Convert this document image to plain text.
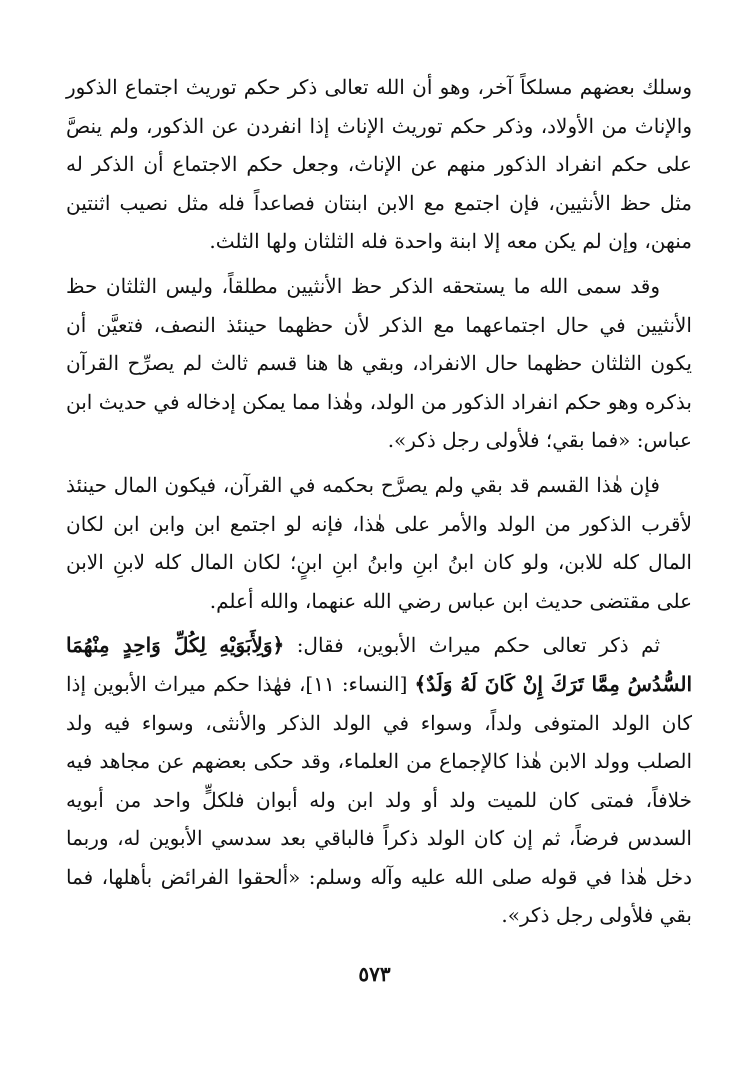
وسلك بعضهم مسلكاً آخر، وهو أن الله تعالى ذكر حكم توريث اجتماع الذكور والإناث من الأولاد، وذكر حكم توريث الإناث إذا انفردن عن الذكور، ولم ينصَّ على حكم انفراد الذكور منهم عن الإناث، وجعل حكم الاجتماع أن الذكر له مثل حظ الأنثيين، فإن اجتمع مع الابن ابنتان فصاعداً فله مثل نصيب اثنتين منهن، وإن لم يكن معه إلا ابنة واحدة فله الثلثان ولها الثلث.

وقد سمى الله ما يستحقه الذكر حظ الأنثيين مطلقاً، وليس الثلثان حظ الأنثيين في حال اجتماعهما مع الذكر لأن حظهما حينئذ النصف، فتعيَّن أن يكون الثلثان حظهما حال الانفراد، وبقي ها هنا قسم ثالث لم يصرِّح القرآن بذكره وهو حكم انفراد الذكور من الولد، وهٰذا مما يمكن إدخاله في حديث ابن عباس: «فما بقي؛ فلأولى رجل ذكر».

فإن هٰذا القسم قد بقي ولم يصرَّح بحكمه في القرآن، فيكون المال حينئذ لأقرب الذكور من الولد والأمر على هٰذا، فإنه لو اجتمع ابن وابن ابن لكان المال كله للابن، ولو كان ابنُ ابنِ وابنُ ابنِ ابنٍ؛ لكان المال كله لابنِ الابن على مقتضى حديث ابن عباس رضي الله عنهما، والله أعلم.

ثم ذكر تعالى حكم ميراث الأبوين، فقال: ﴿وَلِأَبَوَيْهِ لِكُلِّ وَاحِدٍ مِنْهُمَا السُّدُسُ مِمَّا تَرَكَ إِنْ كَانَ لَهُ وَلَدٌ﴾ [النساء: ١١]، فهٰذا حكم ميراث الأبوين إذا كان الولد المتوفى ولداً، وسواء في الولد الذكر والأنثى، وسواء فيه ولد الصلب وولد الابن هٰذا كالإجماع من العلماء، وقد حكى بعضهم عن مجاهد فيه خلافاً، فمتى كان للميت ولد أو ولد ابن وله أبوان فلكلٍّ واحد من أبويه السدس فرضاً، ثم إن كان الولد ذكراً فالباقي بعد سدسي الأبوين له، وربما دخل هٰذا في قوله صلى الله عليه وآله وسلم: «ألحقوا الفرائض بأهلها، فما بقي فلأولى رجل ذكر».

٥٧٣
